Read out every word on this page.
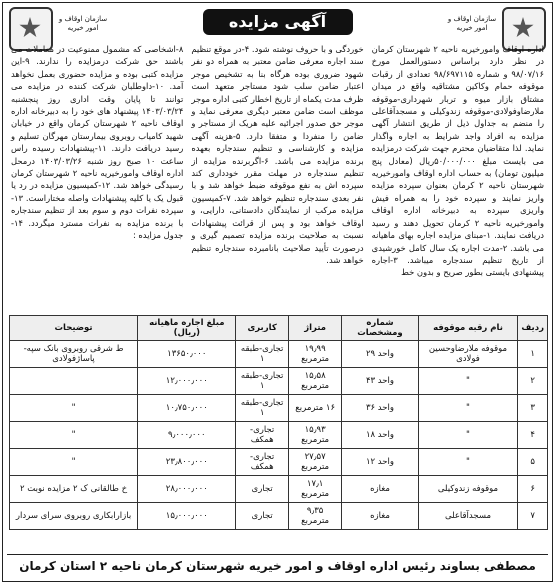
سازمان اوقاف و امور خیریه
آگهی مزایده
سازمان اوقاف و امور خیریه
اداره اوقاف وامورخیریه ناحیه ۲ شهرستان کرمان در نظر دارد براساس دستورالعمل مورخ ۹۸/۰۷/۱۶ و شماره ۹۸/۶۹۷۱۱۵ تعدادی از رقبات موقوفه حمام وکاکین مشتاقیه واقع در میدان مشتاق بازار میوه و تربار شهرداری-موقوفه ملارضاوفولادی-موقوفه زندوکیلی و مسجدآقاعلی را منضم به جداول ذیل از طریق انتشار آگهی مزایده به افراد واجد شرایط به اجاره واگذار نماید. لذا متقاضیان محترم جهت شرکت درمزایده می بایست مبلغ ۵۰/۰۰۰/۰۰۰ریال (معادل پنج میلیون تومان) به حساب اداره اوقاف وامورخیریه شهرستان ناحیه ۲ کرمان بعنوان سپرده مزایده واریز نمایند و سپرده خود را به همراه فیش واریزی سپرده به دبیرخانه اداره اوقاف وامورخیریه ناحیه ۲ کرمان تحویل دهند و رسید دریافت نمایند. ۱-مبنای مزایده اجاره بهای ماهیانه می باشد. ۲-مدت اجاره یک سال کامل خورشیدی از تاریخ تنظیم سندجاره میباشد. ۳-اجاره پیشنهادی بایستی بطور صریح و بدون خط
خوردگی و با حروف نوشته شود. ۴-در موقع تنظیم سند اجاره معرفی ضامن معتبر به همراه دو نفر شهود ضروری بوده هرگاه بنا به تشخیص موجر اعتبار ضامن سلب شود مستاجر متعهد است ظرف مدت یکماه از تاریخ اخطار کتبی اداره موجر موظف است ضامن معتبر دیگری معرفی نماید و موجر حق صدور اجرائیه علیه هریک از مستاجر و ضامن را منفردا و متفقا دارد. ۵-هزینه آگهی مزایده و کارشناسی و تنظیم سندجاره بعهده برنده مزایده می باشد. ۶-اگربرنده مزایده از تنظیم سندجاره در مهلت مقرر خودداری کند سپرده اش به نفع موقوفه ضبط خواهد شد و با نفر بعدی سندجاره تنظیم خواهد شد. ۷-کمیسیون مزایده مرکب از نمایندگان دادستانی، دارایی، و اوقاف خواهد بود و پس از قرائت پیشنهادات نسبت به صلاحیت برنده مزایده تصمیم گیری و درصورت تأیید صلاحیت بانامبرده سندجاره تنظیم خواهد شد.
۸-اشخاصی که مشمول ممنوعیت در معاملات می باشند حق شرکت درمزایده را ندارند. ۹-این مزایده کتبی بوده و مزایده حضوری بعمل نخواهد آمد. ۱۰-داوطلبان شرکت کننده در مزایده می توانند تا پایان وقت اداری روز پنجشنبه ۱۴۰۳/۰۳/۲۴ پیشنهاد های خود را به دبیرخانه اداره اوقاف ناحیه ۲ شهرستان کرمان واقع در خیابان شهید کامیاب روبروی بیمارستان مهرگان تسلیم و رسید دریافت دارند. ۱۱-پیشنهادات رسیده راس ساعت ۱۰ صبح روز شنبه ۱۴۰۳/۰۳/۲۶ درمحل اداره اوقاف وامورخیریه ناحیه ۲ شهرستان کرمان رسیدگی خواهد شد. ۱۲-کمیسیون مزایده در رد یا قبول یک یا کلیه پیشنهادات واصله مختاراست. ۱۳-سپرده نفرات دوم و سوم بعد از تنظیم سندجاره با برنده مزایده به نفرات مسترد میگردد. ۱۴-جدول مزایده :
ردیف	نام رقبه موقوفه	شماره ومشخصات	متراژ	کاربری	مبلغ اجاره ماهیانه (ریال)	توضیحات
۱	موقوفه ملارضاوحسین فولادی	واحد ۲۹	۱۹٫۹۹ مترمربع	تجاری-طبقه ۱	۱۳۶۵۰٫۰۰۰	ط شرقی روبروی بانک سپه-پاساژفولادی
۲	"	واحد ۴۳	۱۵٫۵۸ مترمربع	تجاری-طبقه ۱	۱۲٫۰۰۰٫۰۰۰	
۳	"	واحد ۳۶	۱۶ مترمربع	تجاری-طبقه ۱	۱۰٫۷۵۰٫۰۰۰	"
۴	"	واحد ۱۸	۱۵٫۹۳ مترمربع	تجاری-همکف	۹٫۰۰۰٫۰۰۰	"
۵	"	واحد ۱۲	۲۷٫۵۷ مترمربع	تجاری-همکف	۲۳٫۸۰۰٫۰۰۰	"
۶	موقوفه زندوکیلی	مغازه	۱۷٫۱ مترمربع	تجاری	۲۸٫۰۰۰٫۰۰۰	خ طالقانی ک ۲ مزایده نوبت ۲
۷	مسجدآقاعلی	مغازه	۹٫۳۵ مترمربع	تجاری	۱۵٫۰۰۰٫۰۰۰	بازارابکاری روبروی سرای سردار
مصطفی بساوند رئیس اداره اوقاف و امور خیریه شهرستان کرمان ناحیه ۲ استان کرمان
